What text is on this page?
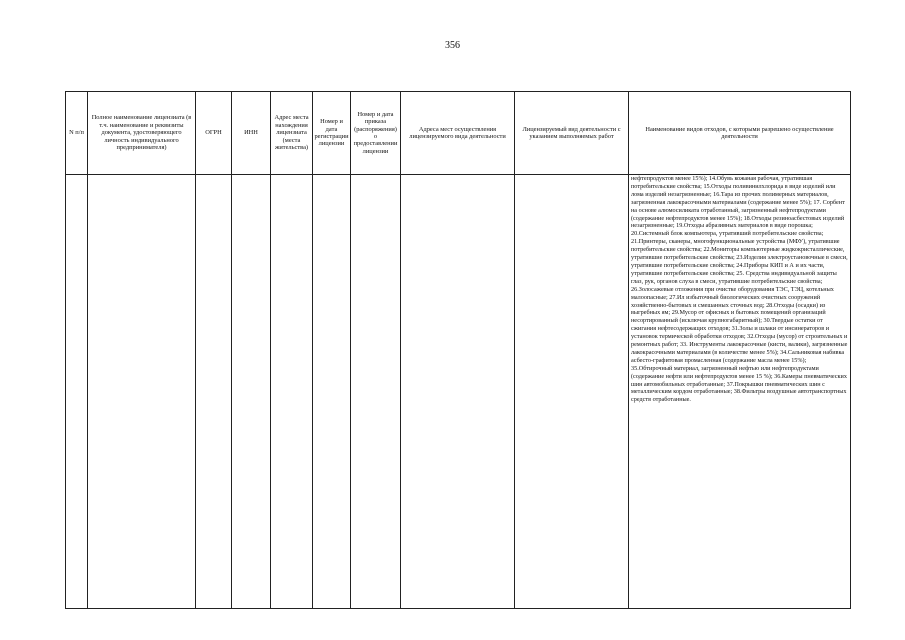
356
N п/п	Полное наименование лицензиата (в т.ч. наименование и реквизиты документа, удостоверяющего личность индивидуального предпринимателя)	ОГРН	ИНН	Адрес места нахождения лицензиата (места жительства)	Номер и дата регистрации лицензии	Номер и дата приказа (распоряжения) о предоставлении лицензии	Адреса мест осуществления лицензируемого вида деятельности	Лицензируемый вид деятельности с указанием выполняемых работ	Наименование видов отходов, с которыми разрешено осуществление деятельности
									нефтепродуктов менее 15%); 14.Обувь кожаная рабочая, утратившая потребительские свойства; 15.Отходы поливинилхлорида в виде изделий или лома изделий незагрязненные; 16.Тара из прочих полимерных материалов, загрязненная лакокрасочными материалами (содержание менее 5%); 17. Сорбент на основе алюмосиликата отработанный, загрязненный нефтепродуктами (содержание нефтепродуктов менее 15%); 18.Отходы резиноасбестовых изделий незагрязненные; 19.Отходы абразивных материалов в виде порошка; 20.Системный блок компьютера, утративший потребительские свойства; 21.Принтеры, сканеры, многофункциональные устройства (МФУ), утратившие потребительские свойства; 22.Мониторы компьютерные жидкокристаллические, утратившие потребительские свойства; 23.Изделия электроустановочные в смеси, утратившие потребительские свойства; 24.Приборы КИП и А и их части, утратившие потребительские свойства; 25. Средства индивидуальной защиты глаз, рук, органов слуха в смеси, утратившие потребительские свойства; 26.Золосажевые отложения при очистке оборудования ТЭС, ТЭЦ, котельных малоопасные; 27.Ил избыточный биологических очистных сооружений хозяйственно-бытовых и смешанных сточных вод; 28.Отходы (осадки) из выгребных ям; 29.Мусор от офисных и бытовых помещений организаций несортированный (исключая крупногабаритный); 30.Твердые остатки от сжигания нефтесодержащих отходов; 31.Золы и шлаки от инсинераторов и установок термической обработки отходов; 32.Отходы (мусор) от строительных и ремонтных работ; 33. Инструменты лакокрасочные (кисти, валики), загрязненные лакокрасочными материалами (в количестве менее 5%); 34.Сальниковая набивка асбесто-графитовая промасленная (содержание масла менее 15%); 35.Обтирочный материал, загрязненный нефтью или нефтепродуктами (содержание нефти или нефтепродуктов менее 15 %); 36.Камеры пневматических шин автомобильных отработанные; 37.Покрышки пневматических шин с металлическим кордом отработанные; 38.Фильтры воздушные автотранспортных средств отработанные.
